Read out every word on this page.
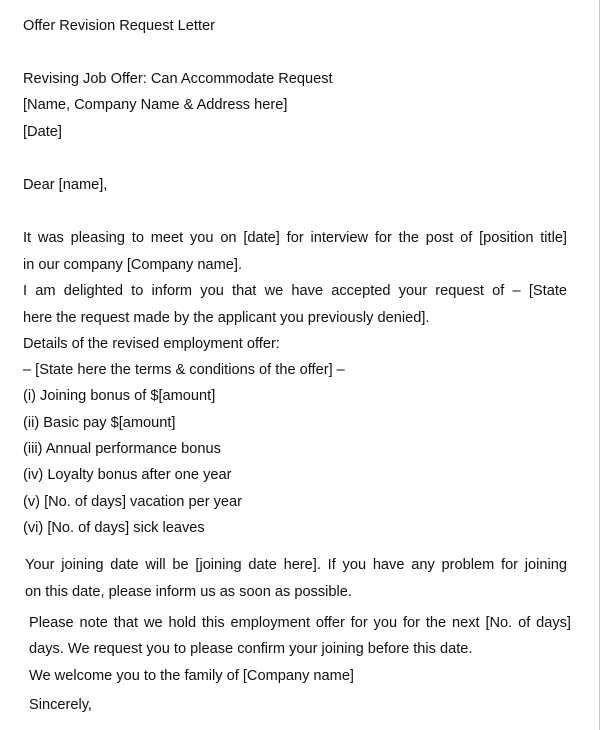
Offer Revision Request Letter
Revising Job Offer: Can Accommodate Request
[Name, Company Name & Address here]
[Date]
Dear [name],
It was pleasing to meet you on [date] for interview for the post of [position title]
in our company [Company name].
I am delighted to inform you that we have accepted your request of – [State
here the request made by the applicant you previously denied].
Details of the revised employment offer:
– [State here the terms & conditions of the offer] –
(i) Joining bonus of $[amount]
(ii) Basic pay $[amount]
(iii) Annual performance bonus
(iv) Loyalty bonus after one year
(v) [No. of days] vacation per year
(vi) [No. of days] sick leaves
Your joining date will be [joining date here]. If you have any problem for joining
on this date, please inform us as soon as possible.
Please note that we hold this employment offer for you for the next [No. of days]
days. We request you to please confirm your joining before this date.
We welcome you to the family of [Company name]
Sincerely,
